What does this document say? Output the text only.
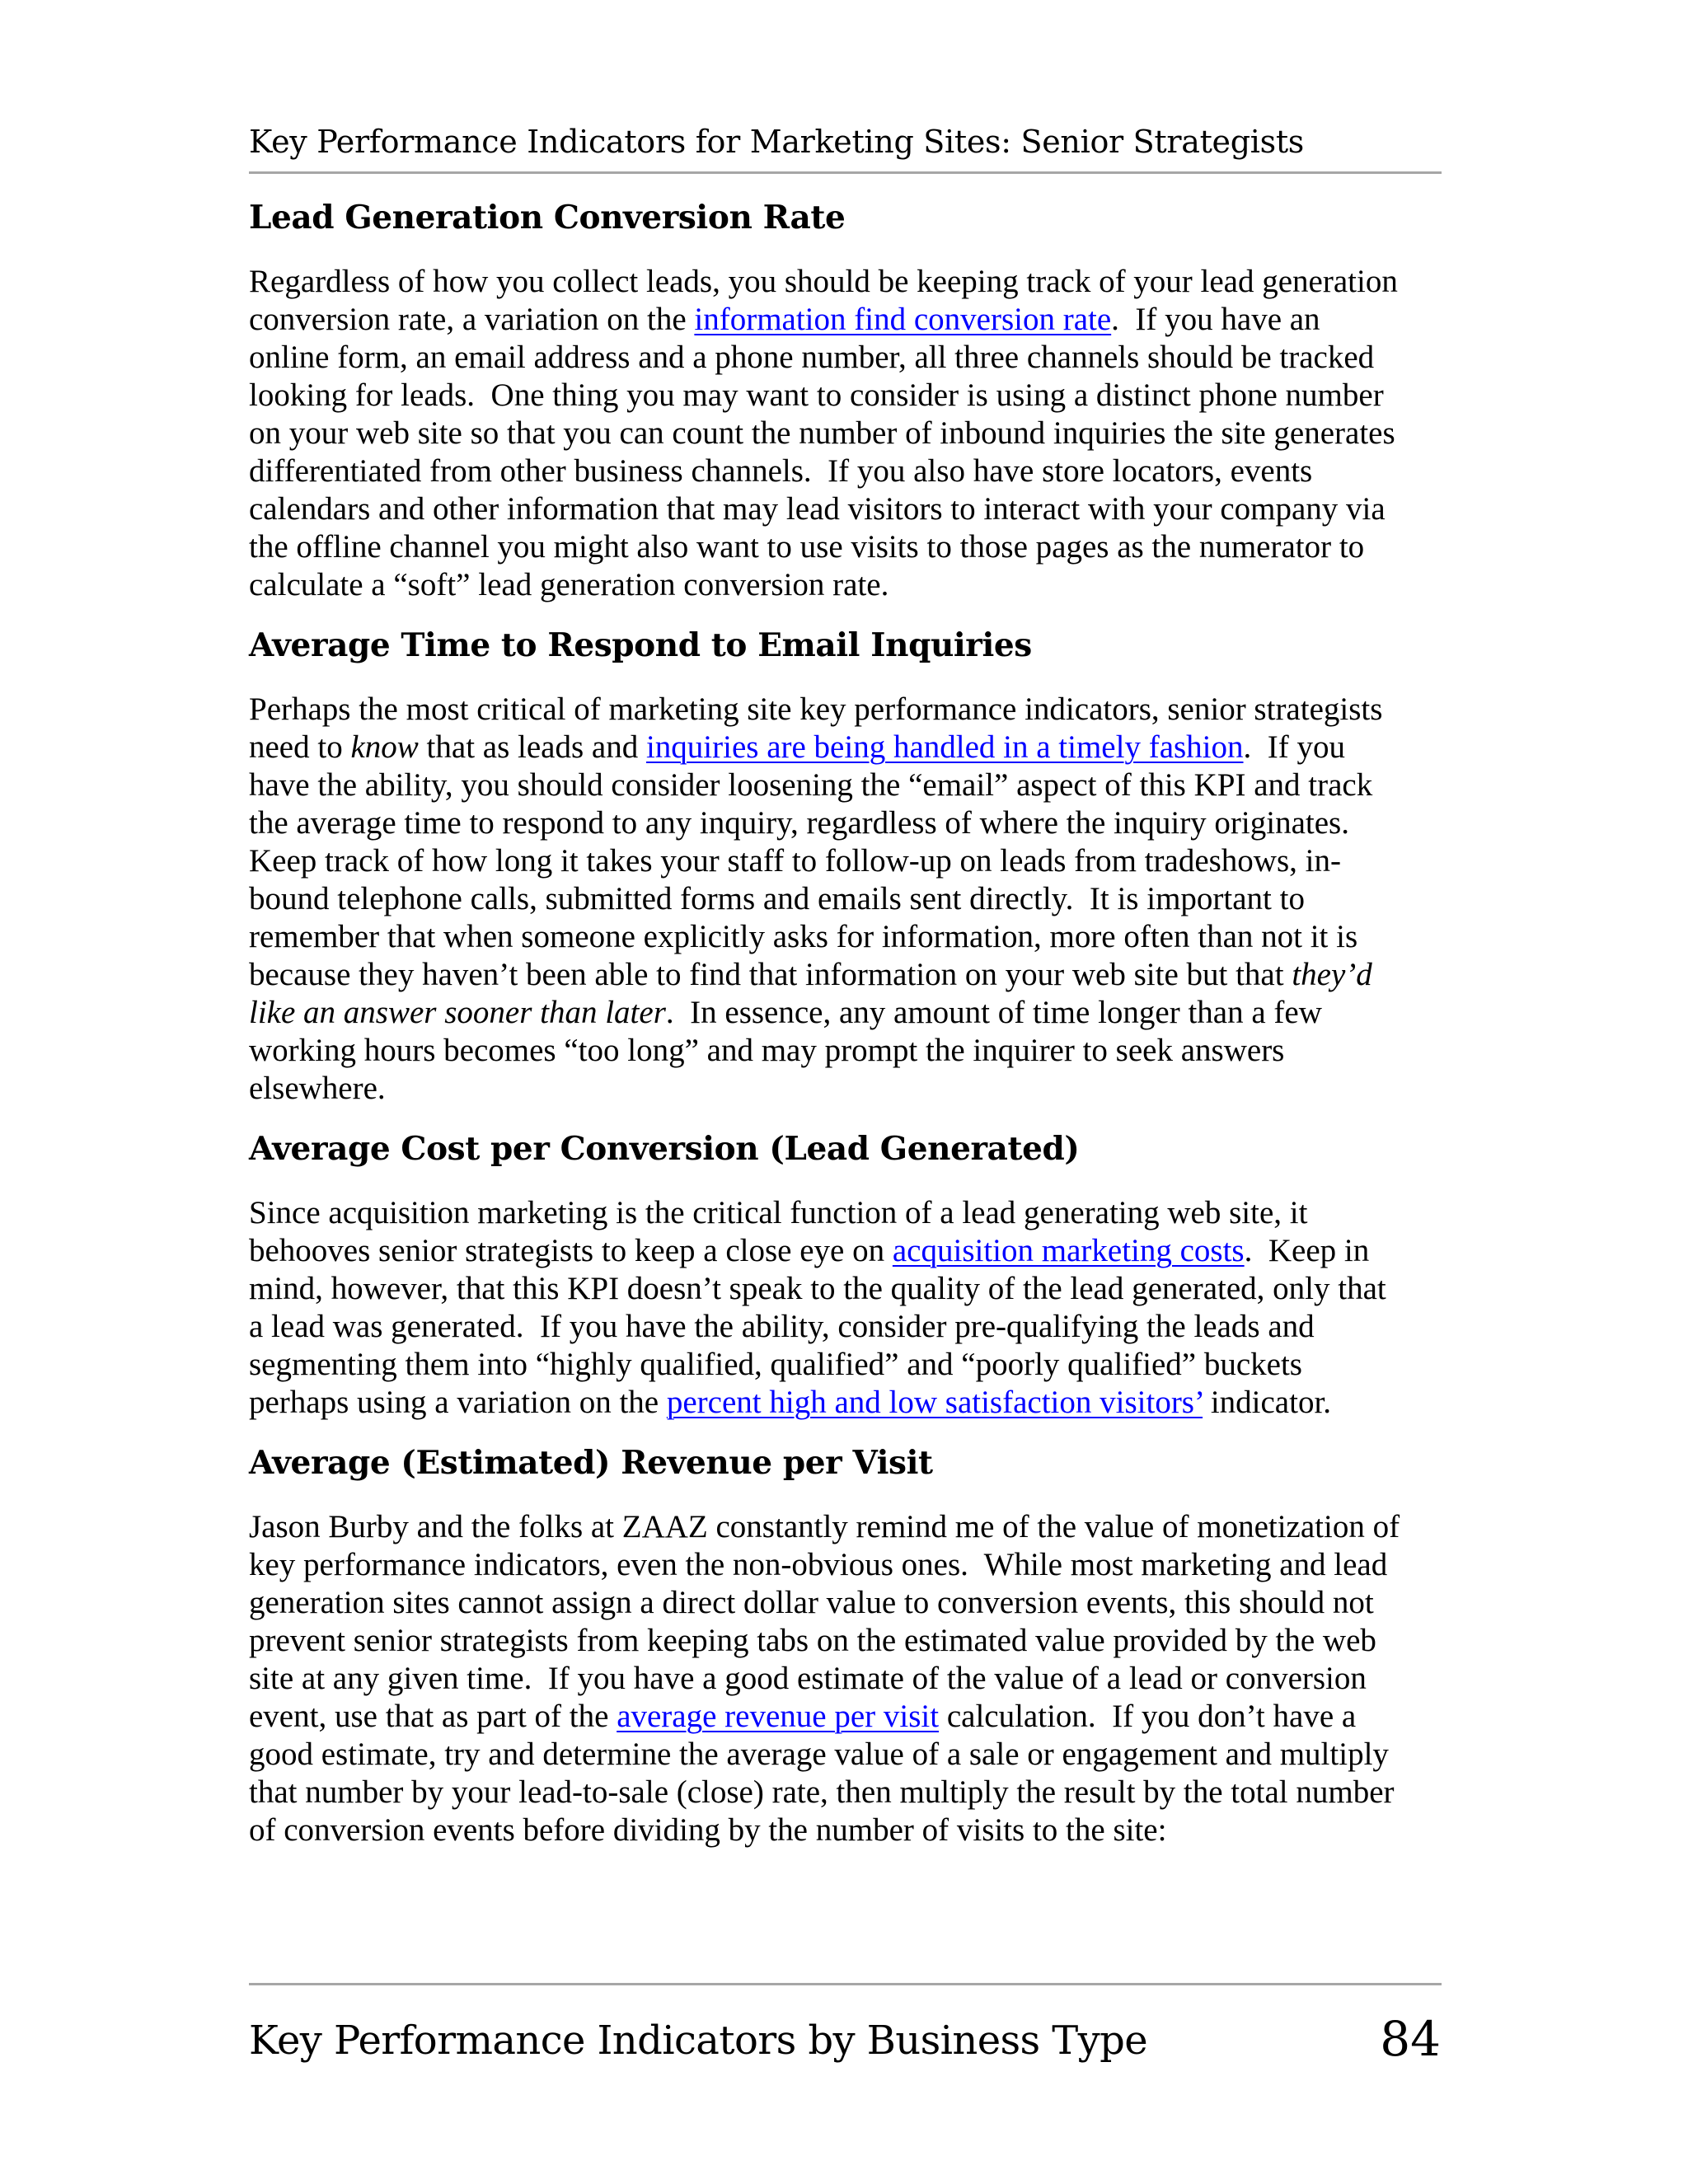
Key Performance Indicators for Marketing Sites: Senior Strategists
Lead Generation Conversion Rate

Regardless of how you collect leads, you should be keeping track of your lead generation
conversion rate, a variation on the information find conversion rate.  If you have an
online form, an email address and a phone number, all three channels should be tracked
looking for leads.  One thing you may want to consider is using a distinct phone number
on your web site so that you can count the number of inbound inquiries the site generates
differentiated from other business channels.  If you also have store locators, events
calendars and other information that may lead visitors to interact with your company via
the offline channel you might also want to use visits to those pages as the numerator to
calculate a “soft” lead generation conversion rate.

Average Time to Respond to Email Inquiries

Perhaps the most critical of marketing site key performance indicators, senior strategists
need to know that as leads and inquiries are being handled in a timely fashion.  If you
have the ability, you should consider loosening the “email” aspect of this KPI and track
the average time to respond to any inquiry, regardless of where the inquiry originates.
Keep track of how long it takes your staff to follow-up on leads from tradeshows, in-
bound telephone calls, submitted forms and emails sent directly.  It is important to
remember that when someone explicitly asks for information, more often than not it is
because they haven’t been able to find that information on your web site but that they’d
like an answer sooner than later.  In essence, any amount of time longer than a few
working hours becomes “too long” and may prompt the inquirer to seek answers
elsewhere.

Average Cost per Conversion (Lead Generated)

Since acquisition marketing is the critical function of a lead generating web site, it
behooves senior strategists to keep a close eye on acquisition marketing costs.  Keep in
mind, however, that this KPI doesn’t speak to the quality of the lead generated, only that
a lead was generated.  If you have the ability, consider pre-qualifying the leads and
segmenting them into “highly qualified, qualified” and “poorly qualified” buckets
perhaps using a variation on the percent high and low satisfaction visitors’ indicator.

Average (Estimated) Revenue per Visit

Jason Burby and the folks at ZAAZ constantly remind me of the value of monetization of
key performance indicators, even the non-obvious ones.  While most marketing and lead
generation sites cannot assign a direct dollar value to conversion events, this should not
prevent senior strategists from keeping tabs on the estimated value provided by the web
site at any given time.  If you have a good estimate of the value of a lead or conversion
event, use that as part of the average revenue per visit calculation.  If you don’t have a
good estimate, try and determine the average value of a sale or engagement and multiply
that number by your lead-to-sale (close) rate, then multiply the result by the total number
of conversion events before dividing by the number of visits to the site:

Key Performance Indicators by Business Type	84
